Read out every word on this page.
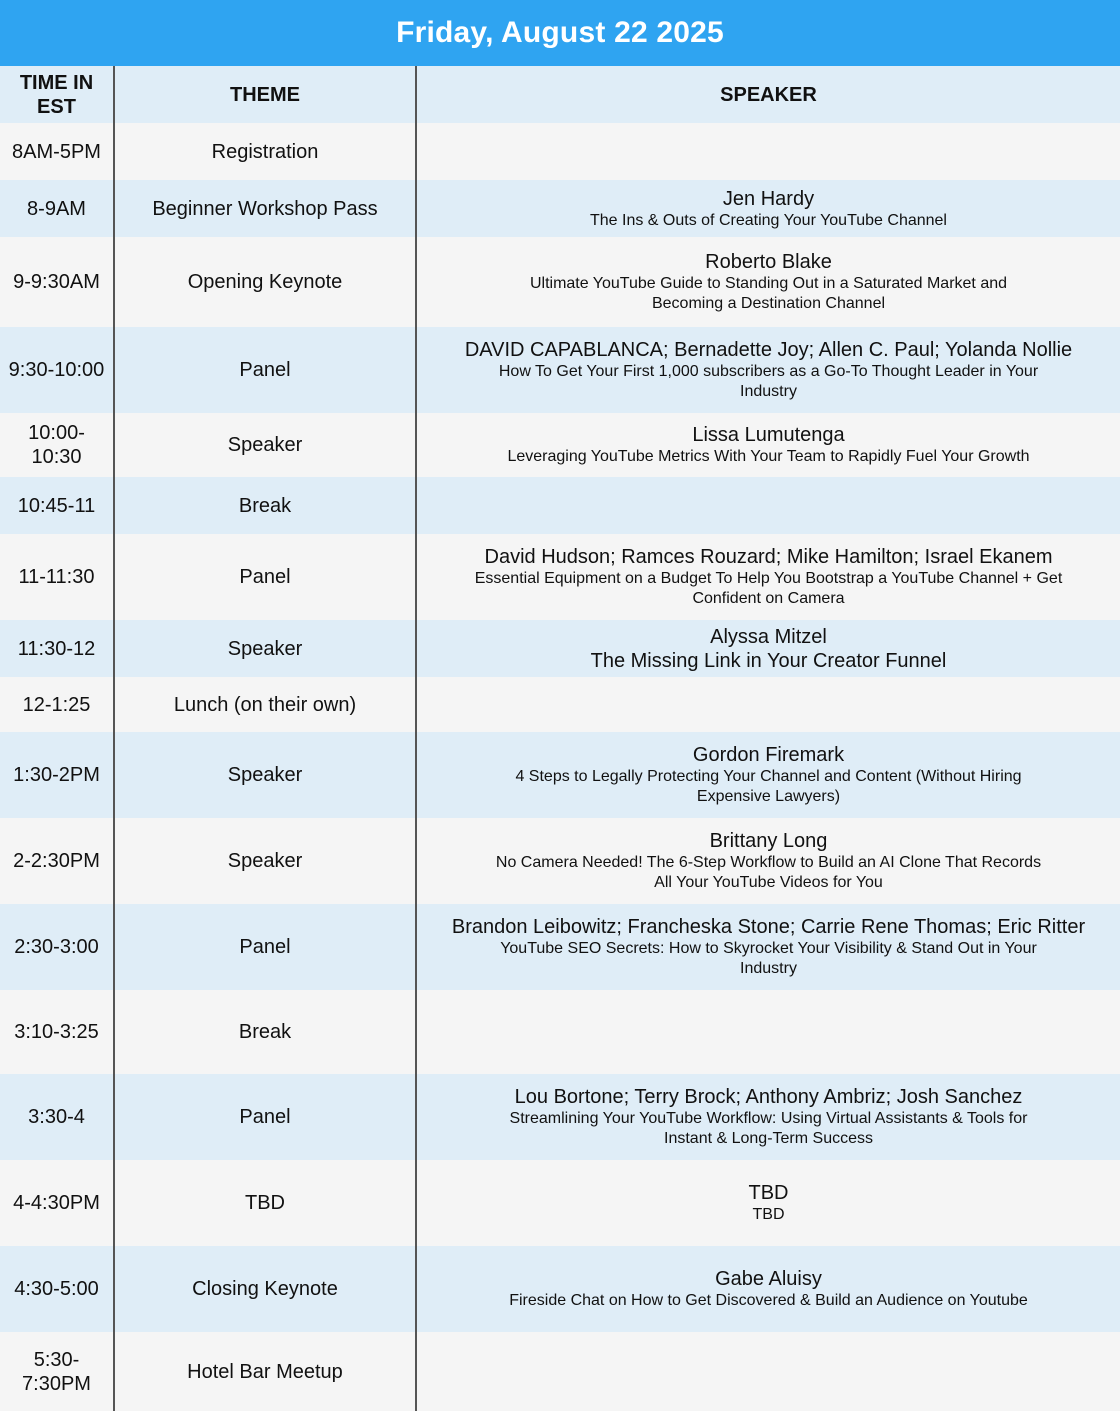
Friday, August 22 2025
TIME IN EST	THEME	SPEAKER
8AM-5PM	Registration	
8-9AM	Beginner Workshop Pass	Jen Hardy
The Ins & Outs of Creating Your YouTube Channel

9-9:30AM	Opening Keynote	Roberto Blake
Ultimate YouTube Guide to Standing Out in a Saturated Market and Becoming a Destination Channel

9:30-10:00	Panel	DAVID CAPABLANCA; Bernadette Joy; Allen C. Paul; Yolanda Nollie
How To Get Your First 1,000 subscribers as a Go-To Thought Leader in Your Industry

10:00-10:30	Speaker	Lissa Lumutenga
Leveraging YouTube Metrics With Your Team to Rapidly Fuel Your Growth

10:45-11	Break	
11-11:30	Panel	David Hudson; Ramces Rouzard; Mike Hamilton; Israel Ekanem
Essential Equipment on a Budget To Help You Bootstrap a YouTube Channel + Get Confident on Camera

11:30-12	Speaker	Alyssa Mitzel
The Missing Link in Your Creator Funnel

12-1:25	Lunch (on their own)	
1:30-2PM	Speaker	Gordon Firemark
4 Steps to Legally Protecting Your Channel and Content (Without Hiring Expensive Lawyers)

2-2:30PM	Speaker	Brittany Long
No Camera Needed! The 6-Step Workflow to Build an AI Clone That Records All Your YouTube Videos for You

2:30-3:00	Panel	Brandon Leibowitz; Francheska Stone; Carrie Rene Thomas; Eric Ritter
YouTube SEO Secrets: How to Skyrocket Your Visibility & Stand Out in Your Industry

3:10-3:25	Break	
3:30-4	Panel	Lou Bortone; Terry Brock; Anthony Ambriz; Josh Sanchez
Streamlining Your YouTube Workflow: Using Virtual Assistants & Tools for Instant & Long-Term Success

4-4:30PM	TBD	TBD
TBD

4:30-5:00	Closing Keynote	Gabe Aluisy
Fireside Chat on How to Get Discovered & Build an Audience on Youtube

5:30-7:30PM	Hotel Bar Meetup	
